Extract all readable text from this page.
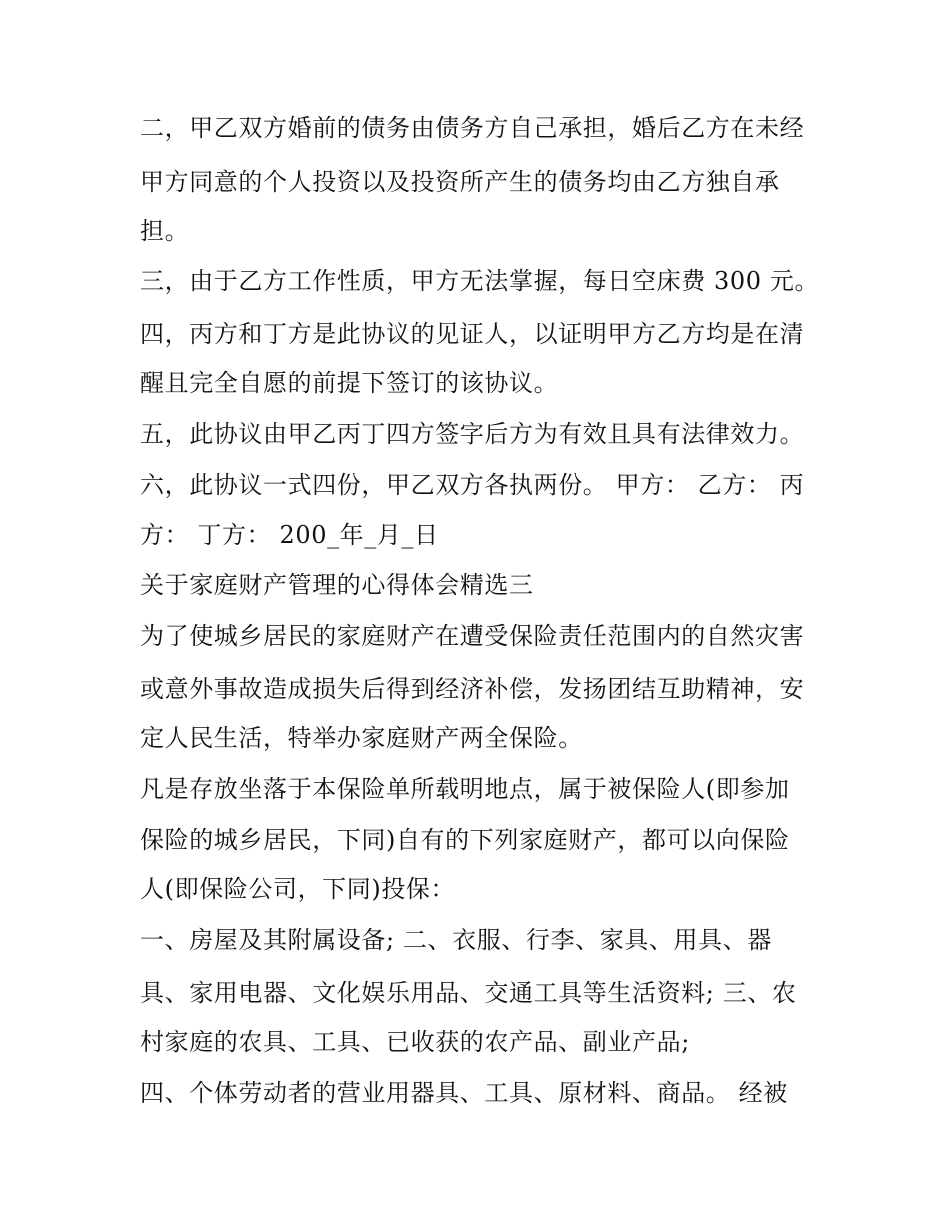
二，甲乙双方婚前的债务由债务方自己承担，婚后乙方在未经
甲方同意的个人投资以及投资所产生的债务均由乙方独自承
担。
三，由于乙方工作性质，甲方无法掌握，每日空床费 300 元。
四，丙方和丁方是此协议的见证人，以证明甲方乙方均是在清
醒且完全自愿的前提下签订的该协议。
五，此协议由甲乙丙丁四方签字后方为有效且具有法律效力。
六，此协议一式四份，甲乙双方各执两份。 甲方： 乙方： 丙
方： 丁方： 200_年_月_日
关于家庭财产管理的心得体会精选三
为了使城乡居民的家庭财产在遭受保险责任范围内的自然灾害
或意外事故造成损失后得到经济补偿，发扬团结互助精神，安
定人民生活，特举办家庭财产两全保险。
凡是存放坐落于本保险单所载明地点，属于被保险人(即参加
保险的城乡居民，下同)自有的下列家庭财产，都可以向保险
人(即保险公司，下同)投保：
一、房屋及其附属设备; 二、衣服、行李、家具、用具、器
具、家用电器、文化娱乐用品、交通工具等生活资料; 三、农
村家庭的农具、工具、已收获的农产品、副业产品;
四、个体劳动者的营业用器具、工具、原材料、商品。 经被
